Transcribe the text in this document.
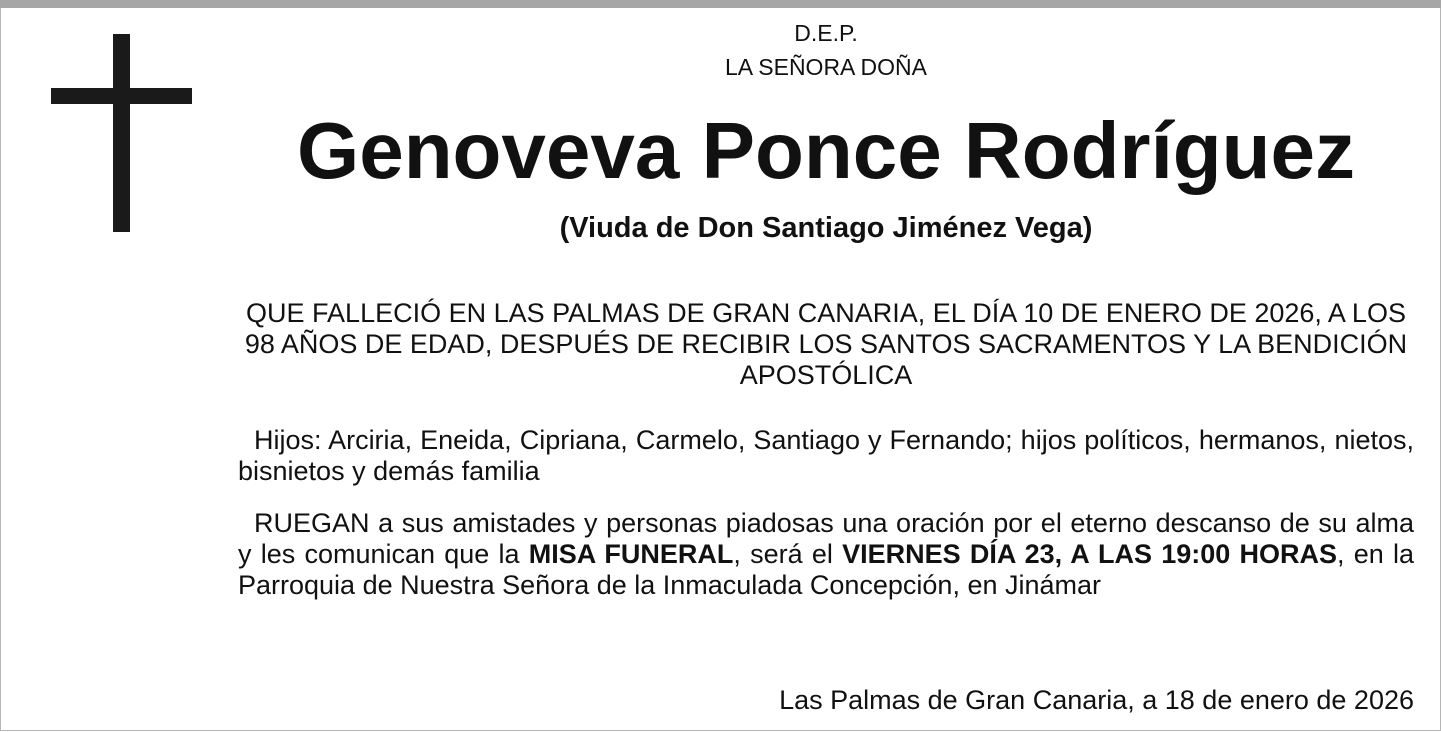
D.E.P.
LA SEÑORA DOÑA
Genoveva Ponce Rodríguez
(Viuda de Don Santiago Jiménez Vega)
QUE FALLECIÓ EN LAS PALMAS DE GRAN CANARIA, EL DÍA 10 DE ENERO DE 2026, A LOS 98 AÑOS DE EDAD, DESPUÉS DE RECIBIR LOS SANTOS SACRAMENTOS Y LA BENDICIÓN APOSTÓLICA
Hijos: Arciria, Eneida, Cipriana, Carmelo, Santiago y Fernando; hijos políticos, hermanos, nietos, bisnietos y demás familia
RUEGAN a sus amistades y personas piadosas una oración por el eterno descanso de su alma y les comunican que la MISA FUNERAL, será el VIERNES DÍA 23, A LAS 19:00 HORAS, en la Parroquia de Nuestra Señora de la Inmaculada Concepción, en Jinámar
Las Palmas de Gran Canaria, a 18 de enero de 2026
